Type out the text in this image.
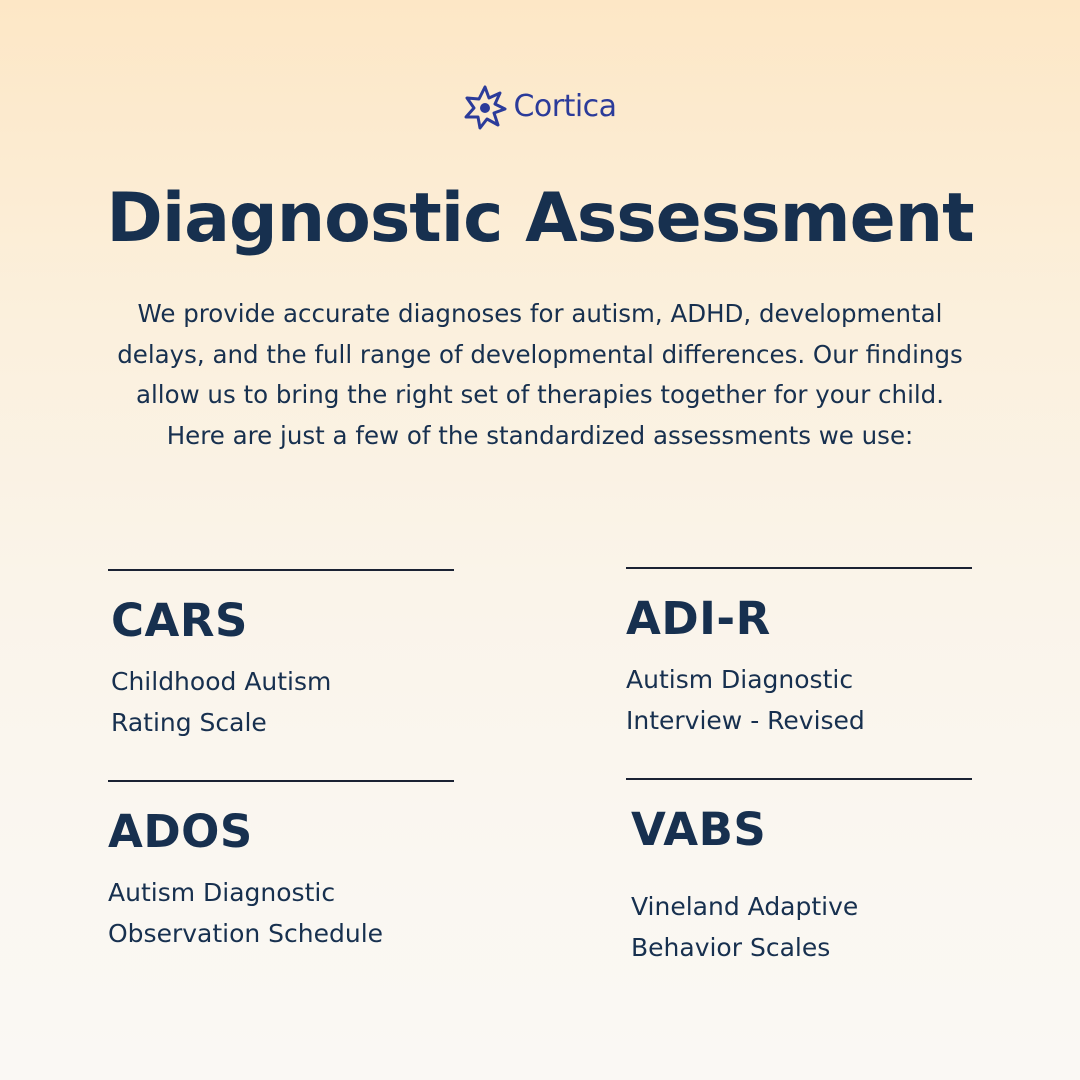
Cortica
Diagnostic Assessment

We provide accurate diagnoses for autism, ADHD, developmental delays, and the full range of developmental differences. Our findings allow us to bring the right set of therapies together for your child. Here are just a few of the standardized assessments we use:

CARS

Childhood Autism
Rating Scale

ADI-R

Autism Diagnostic
Interview - Revised

ADOS

Autism Diagnostic
Observation Schedule

VABS

Vineland Adaptive
Behavior Scales
